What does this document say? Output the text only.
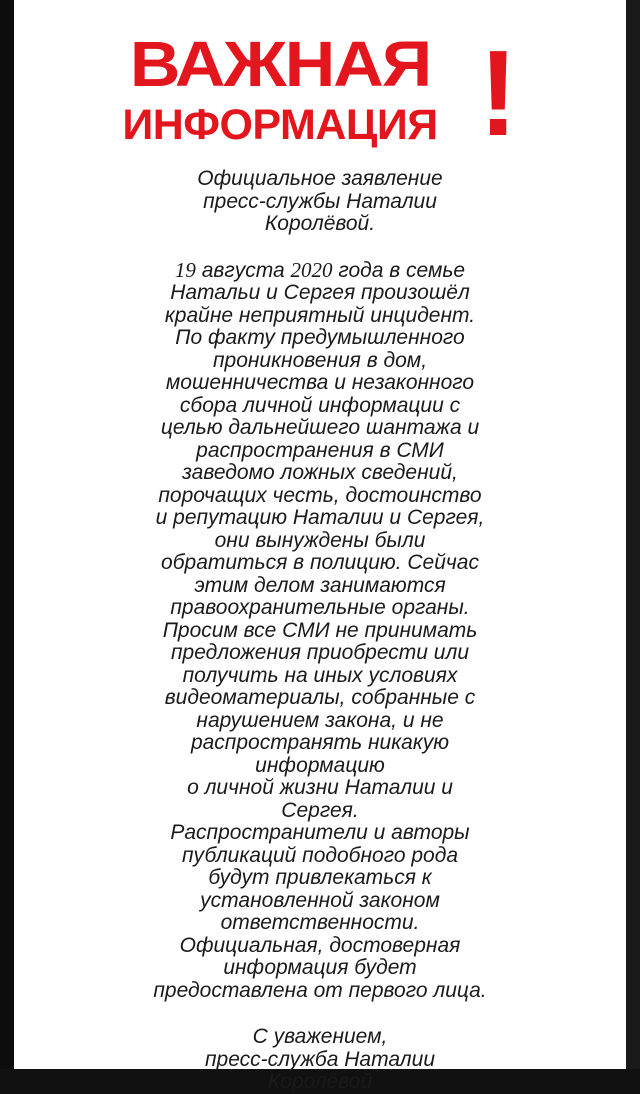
ВАЖНАЯ
ИНФОРМАЦИЯ !

Официальное заявление

пресс-службы Наталии

Королёвой.

19 августа 2020 года в семье

Натальи и Сергея произошёл

крайне неприятный инцидент.

По факту предумышленного

проникновения в дом,

мошенничества и незаконного

сбора личной информации с

целью дальнейшего шантажа и

распространения в СМИ

заведомо ложных сведений,

порочащих честь, достоинство

и репутацию Наталии и Сергея,

они вынуждены были

обратиться в полицию. Сейчас

этим делом занимаются

правоохранительные органы.

Просим все СМИ не принимать

предложения приобрести или

получить на иных условиях

видеоматериалы, собранные с

нарушением закона, и не

распространять никакую

информацию

о личной жизни Наталии и

Сергея.

Распространители и авторы

публикаций подобного рода

будут привлекаться к

установленной законом

ответственности.

Официальная, достоверная

информация будет

предоставлена от первого лица.

С уважением,

пресс-служба Наталии

Королёвой
